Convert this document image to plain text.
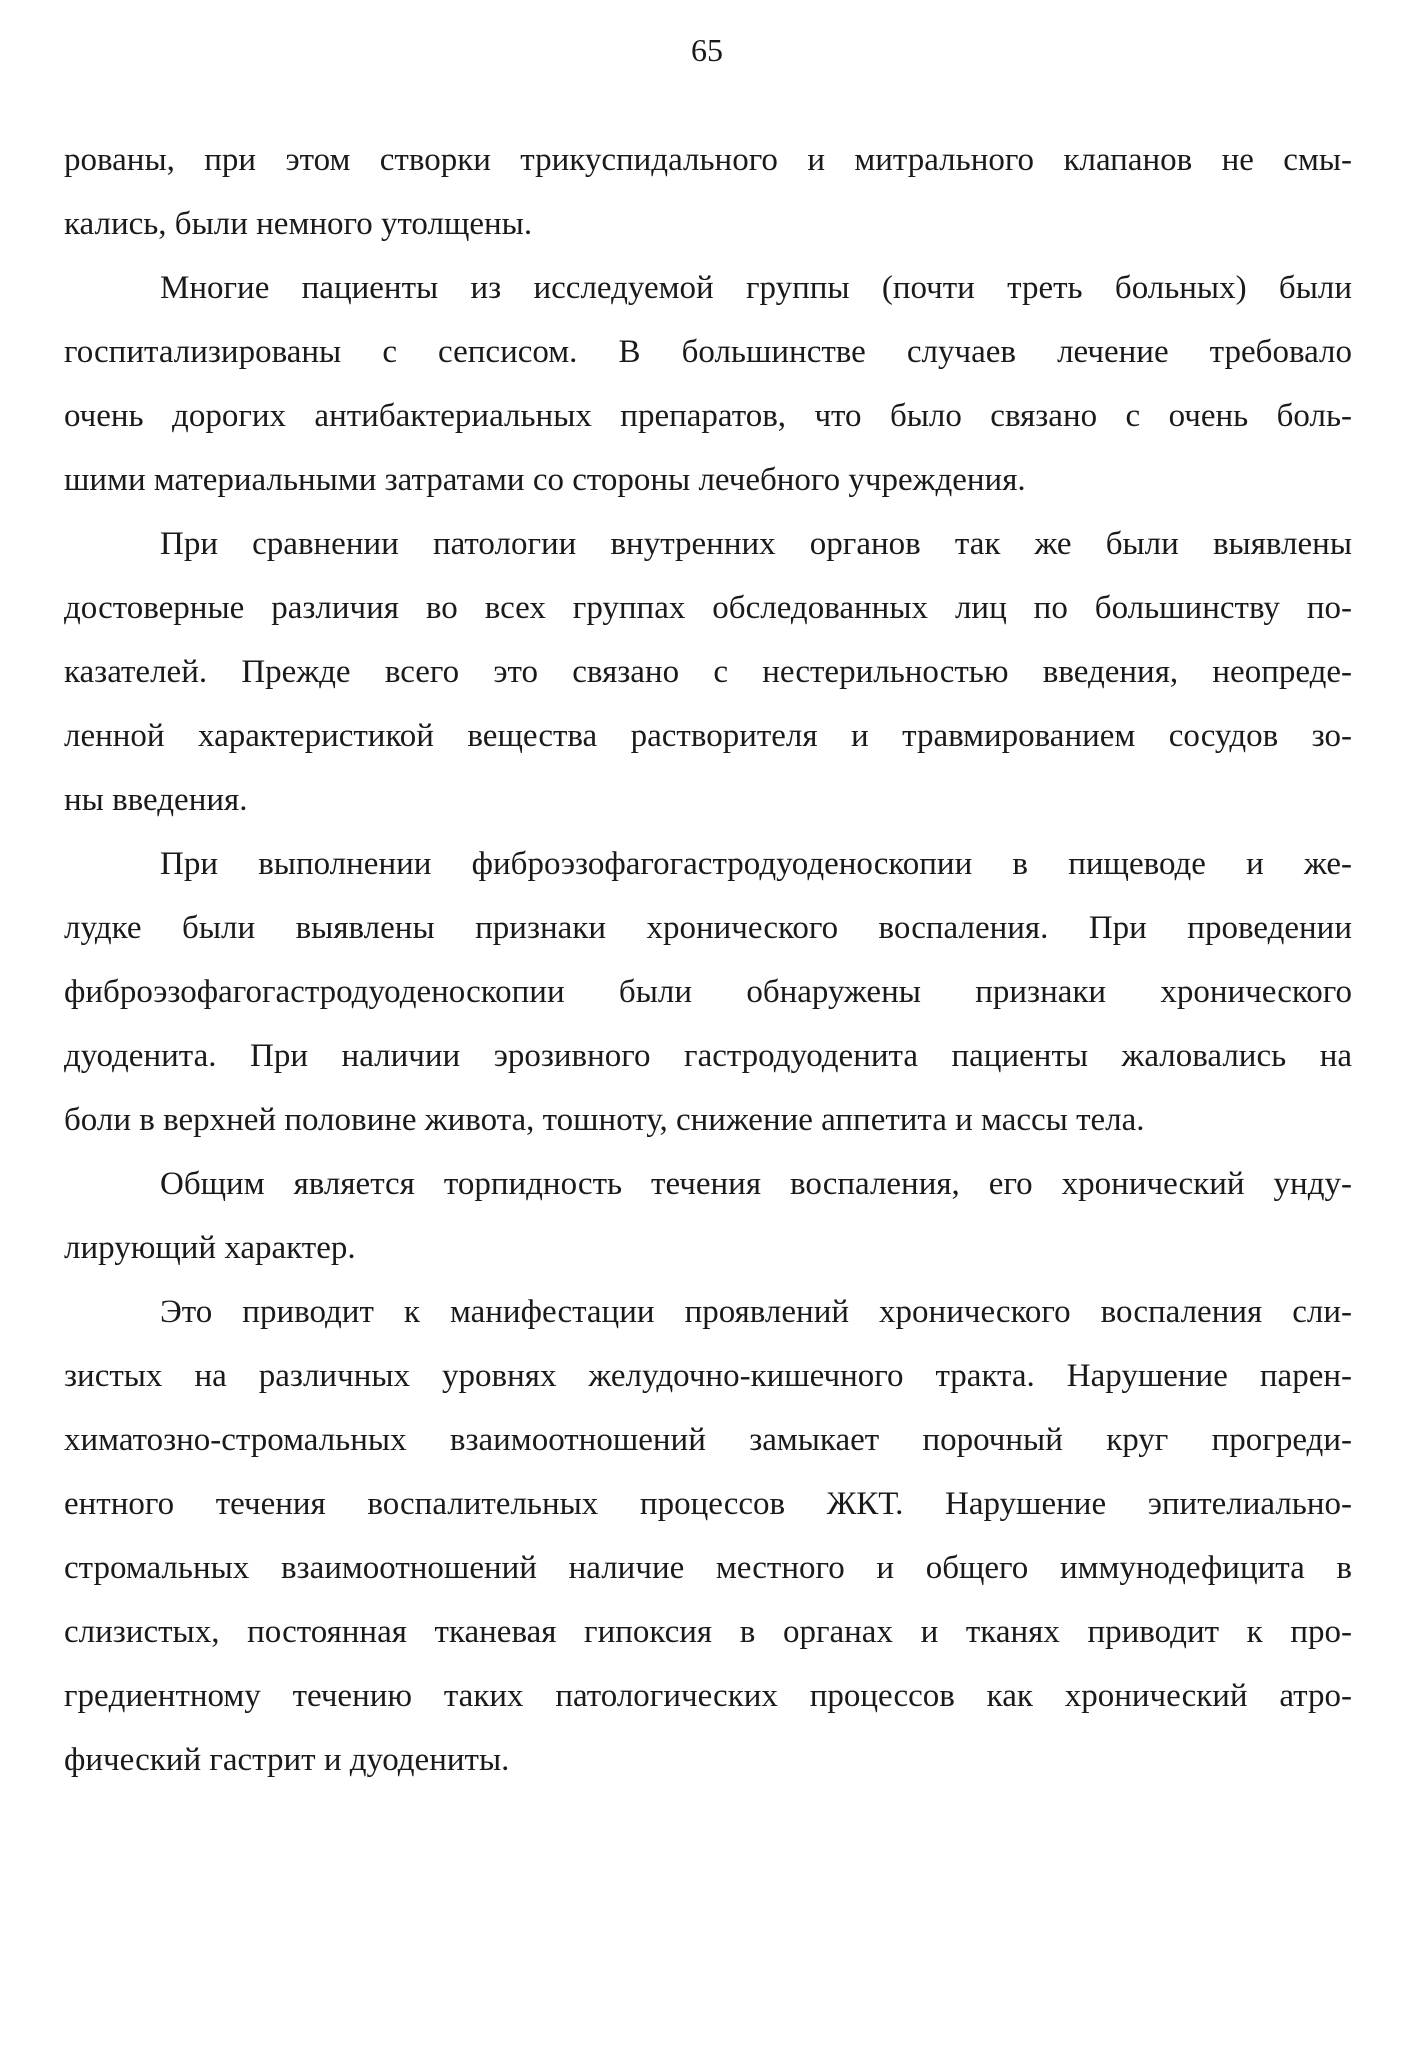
65
рованы, при этом створки трикуспидального и митрального клапанов не смы-
кались, были немного утолщены.
Многие пациенты из исследуемой группы (почти треть больных) были
госпитализированы с сепсисом. В большинстве случаев лечение требовало
очень дорогих антибактериальных препаратов, что было связано с очень боль-
шими материальными затратами со стороны лечебного учреждения.
При сравнении патологии внутренних органов так же были выявлены
достоверные различия во всех группах обследованных лиц по большинству по-
казателей. Прежде всего это связано с нестерильностью введения, неопреде-
ленной характеристикой вещества растворителя и травмированием сосудов зо-
ны введения.
При выполнении фиброэзофагогастродуоденоскопии в пищеводе и же-
лудке были выявлены признаки хронического воспаления. При проведении
фиброэзофагогастродуоденоскопии были обнаружены признаки хронического
дуоденита. При наличии эрозивного гастродуоденита пациенты жаловались на
боли в верхней половине живота, тошноту, снижение аппетита и массы тела.
Общим является торпидность течения воспаления, его хронический унду-
лирующий характер.
Это приводит к манифестации проявлений хронического воспаления сли-
зистых на различных уровнях желудочно-кишечного тракта. Нарушение парен-
химатозно-стромальных взаимоотношений замыкает порочный круг прогреди-
ентного течения воспалительных процессов ЖКТ. Нарушение эпителиально-
стромальных взаимоотношений наличие местного и общего иммунодефицита в
слизистых, постоянная тканевая гипоксия в органах и тканях приводит к про-
грeдиентному течению таких патологических процессов как хронический атро-
фический гастрит и дуодениты.
